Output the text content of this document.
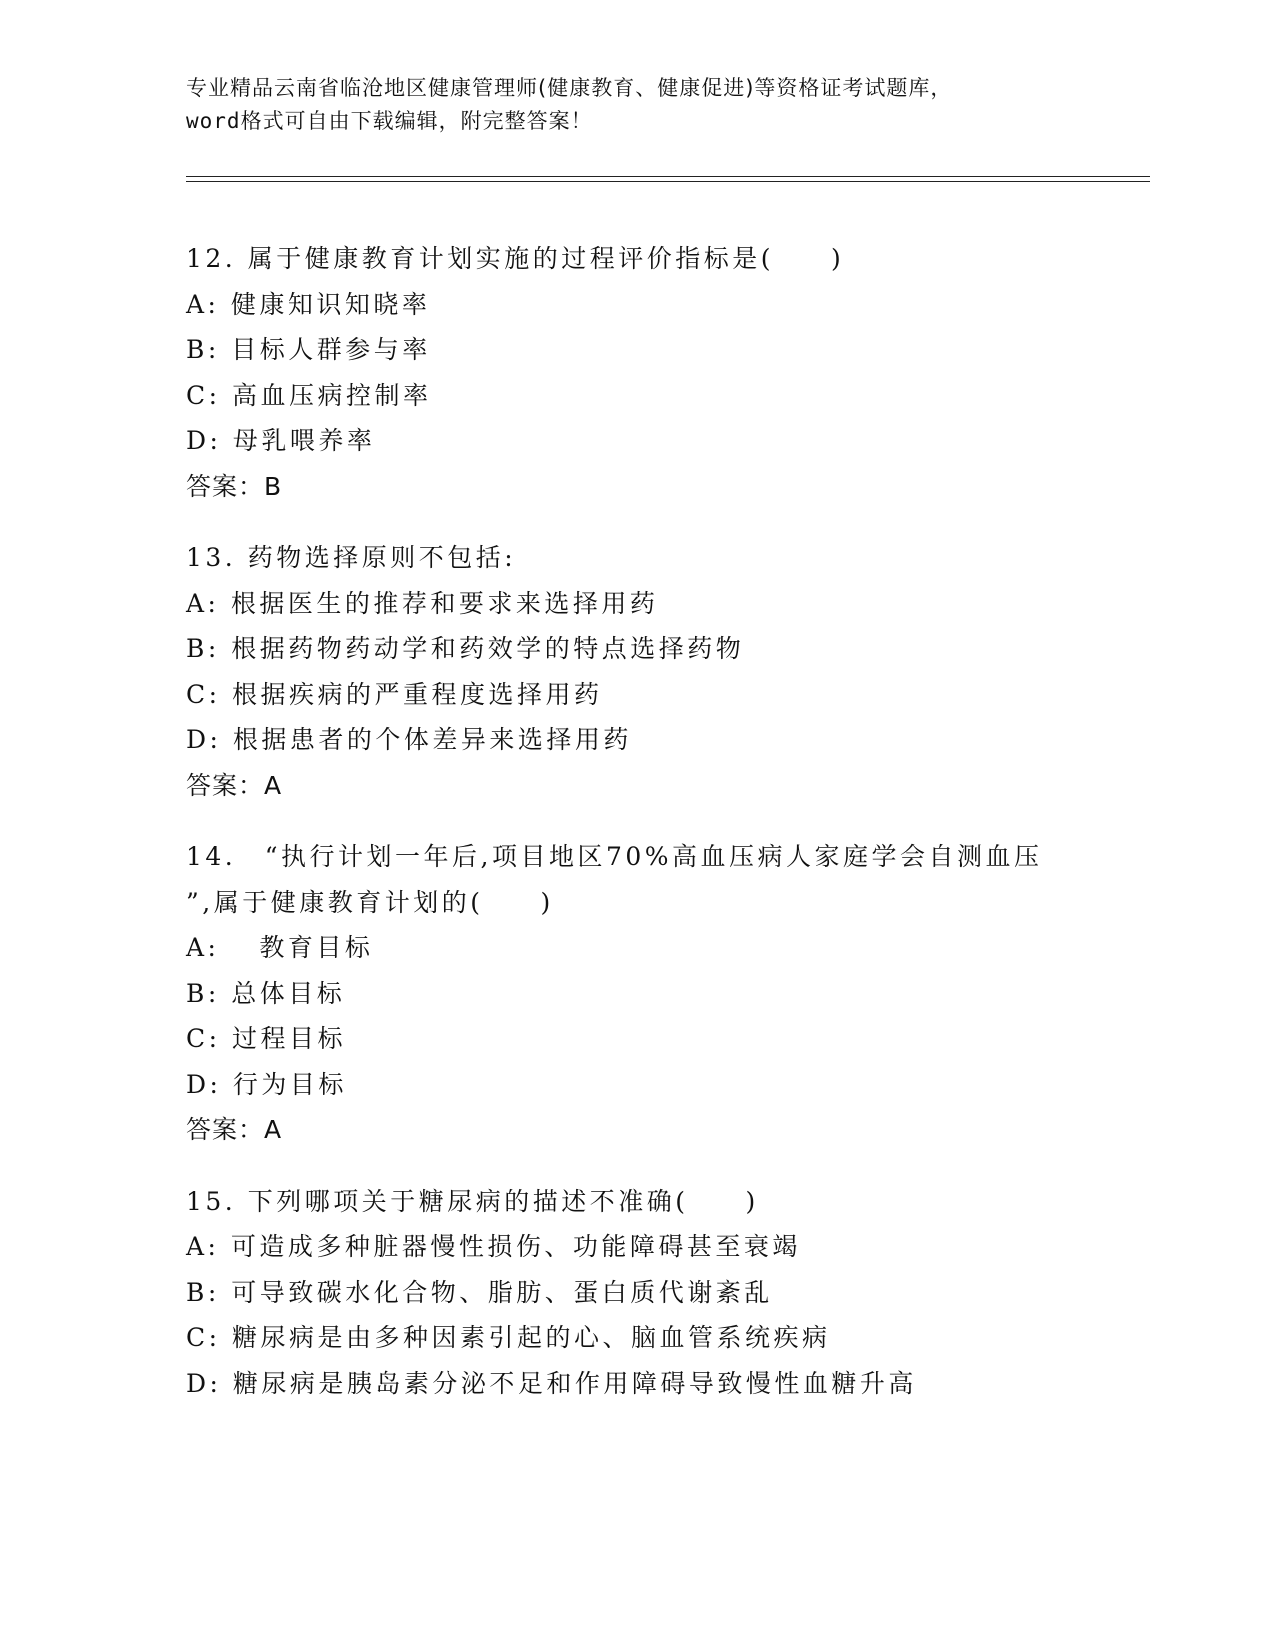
专业精品云南省临沧地区健康管理师(健康教育、健康促进)等资格证考试题库，
word格式可自由下载编辑，附完整答案！
12. 属于健康教育计划实施的过程评价指标是(　　)
A: 健康知识知晓率
B: 目标人群参与率
C: 高血压病控制率
D: 母乳喂养率
答案：B
13. 药物选择原则不包括:
A: 根据医生的推荐和要求来选择用药
B: 根据药物药动学和药效学的特点选择药物
C: 根据疾病的严重程度选择用药
D: 根据患者的个体差异来选择用药
答案：A
14.　“执行计划一年后,项目地区70%高血压病人家庭学会自测血压
”,属于健康教育计划的(　　)
A: 　教育目标
B: 总体目标
C: 过程目标
D: 行为目标
答案：A
15. 下列哪项关于糖尿病的描述不准确(　　)
A: 可造成多种脏器慢性损伤、功能障碍甚至衰竭
B: 可导致碳水化合物、脂肪、蛋白质代谢紊乱
C: 糖尿病是由多种因素引起的心、脑血管系统疾病
D: 糖尿病是胰岛素分泌不足和作用障碍导致慢性血糖升高
